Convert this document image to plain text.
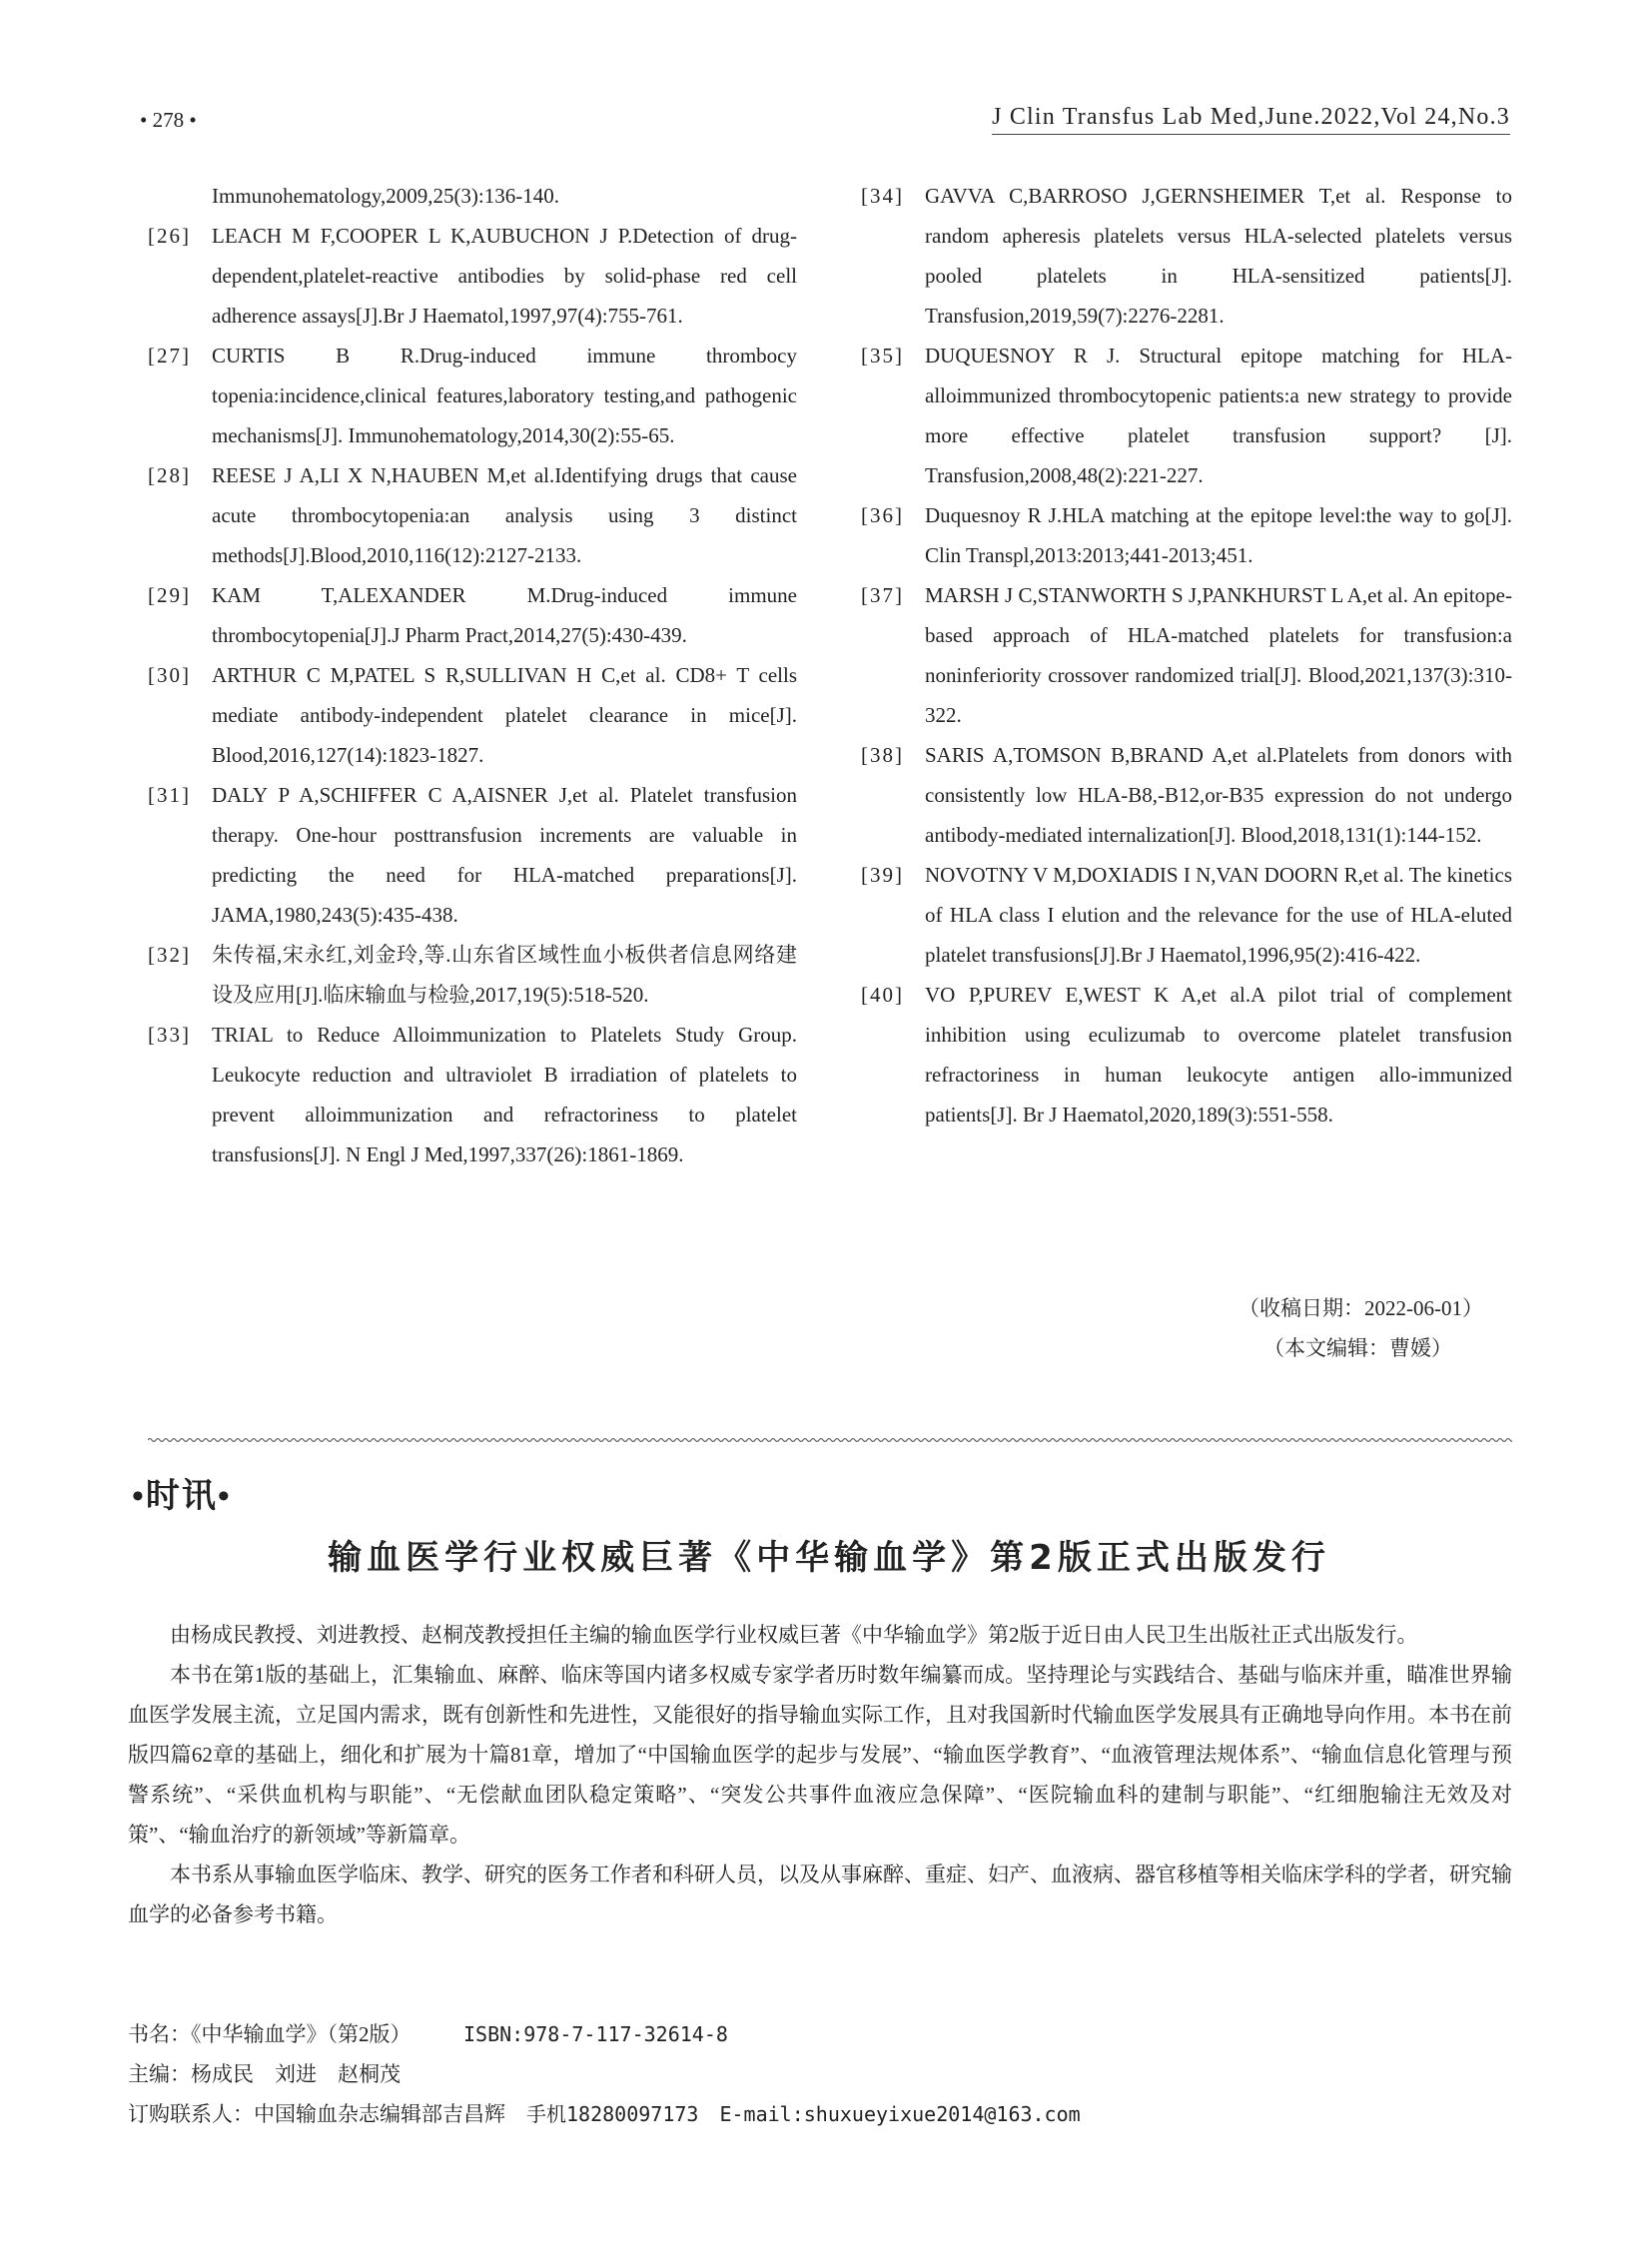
• 278 •	J Clin Transfus Lab Med,June.2022,Vol 24,No.3

Immunohematology,2009,25(3):136-140.

[26] LEACH M F,COOPER L K,AUBUCHON J P.Detection of drug-dependent,platelet-reactive antibodies by solid-phase red cell adherence assays[J].Br J Haematol,1997,97(4):755-761.

[27] CURTIS B R.Drug-induced immune thrombocy topenia:incidence,clinical features,laboratory testing,and pathogenic mechanisms[J]. Immunohematology,2014,30(2):55-65.

[28] REESE J A,LI X N,HAUBEN M,et al.Identifying drugs that cause acute thrombocytopenia:an analysis using 3 distinct methods[J].Blood,2010,116(12):2127-2133.

[29] KAM T,ALEXANDER M.Drug-induced immune thrombocytopenia[J].J Pharm Pract,2014,27(5):430-439.

[30] ARTHUR C M,PATEL S R,SULLIVAN H C,et al. CD8+ T cells mediate antibody-independent platelet clearance in mice[J]. Blood,2016,127(14):1823-1827.

[31] DALY P A,SCHIFFER C A,AISNER J,et al. Platelet transfusion therapy. One-hour posttransfusion increments are valuable in predicting the need for HLA-matched preparations[J]. JAMA,1980,243(5):435-438.

[32] 朱传福,宋永红,刘金玲,等.山东省区域性血小板供者信息网络建设及应用[J].临床输血与检验,2017,19(5):518-520.

[33] TRIAL to Reduce Alloimmunization to Platelets Study Group. Leukocyte reduction and ultraviolet B irradiation of platelets to prevent alloimmunization and refractoriness to platelet transfusions[J]. N Engl J Med,1997,337(26):1861-1869.

[34] GAVVA C,BARROSO J,GERNSHEIMER T,et al. Response to random apheresis platelets versus HLA-selected platelets versus pooled platelets in HLA-sensitized patients[J]. Transfusion,2019,59(7):2276-2281.

[35] DUQUESNOY R J. Structural epitope matching for HLA-alloimmunized thrombocytopenic patients:a new strategy to provide more effective platelet transfusion support? [J]. Transfusion,2008,48(2):221-227.

[36] Duquesnoy R J.HLA matching at the epitope level:the way to go[J]. Clin Transpl,2013:2013;441-2013;451.

[37] MARSH J C,STANWORTH S J,PANKHURST L A,et al. An epitope-based approach of HLA-matched platelets for transfusion:a noninferiority crossover randomized trial[J]. Blood,2021,137(3):310-322.

[38] SARIS A,TOMSON B,BRAND A,et al.Platelets from donors with consistently low HLA-B8,-B12,or-B35 expression do not undergo antibody-mediated internalization[J]. Blood,2018,131(1):144-152.

[39] NOVOTNY V M,DOXIADIS I N,VAN DOORN R,et al. The kinetics of HLA class I elution and the relevance for the use of HLA-eluted platelet transfusions[J].Br J Haematol,1996,95(2):416-422.

[40] VO P,PUREV E,WEST K A,et al.A pilot trial of complement inhibition using eculizumab to overcome platelet transfusion refractoriness in human leukocyte antigen allo-immunized patients[J]. Br J Haematol,2020,189(3):551-558.

（收稿日期：2022-06-01）
（本文编辑：曹媛）
•时讯•
输血医学行业权威巨著《中华输血学》第2版正式出版发行

由杨成民教授、刘进教授、赵桐茂教授担任主编的输血医学行业权威巨著《中华输血学》第2版于近日由人民卫生出版社正式出版发行。

本书在第1版的基础上，汇集输血、麻醉、临床等国内诸多权威专家学者历时数年编纂而成。坚持理论与实践结合、基础与临床并重，瞄准世界输血医学发展主流，立足国内需求，既有创新性和先进性，又能很好的指导输血实际工作，且对我国新时代输血医学发展具有正确地导向作用。本书在前版四篇62章的基础上，细化和扩展为十篇81章，增加了“中国输血医学的起步与发展”、“输血医学教育”、“血液管理法规体系”、“输血信息化管理与预警系统”、“采供血机构与职能”、“无偿献血团队稳定策略”、“突发公共事件血液应急保障”、“医院输血科的建制与职能”、“红细胞输注无效及对策”、“输血治疗的新领域”等新篇章。

本书系从事输血医学临床、教学、研究的医务工作者和科研人员，以及从事麻醉、重症、妇产、血液病、器官移植等相关临床学科的学者，研究输血学的必备参考书籍。

书名：《中华输血学》（第2版）	ISBN:978-7-117-32614-8
主编：杨成民　刘进　赵桐茂
订购联系人：中国输血杂志编辑部吉昌辉 手机18280097173 E-mail:shuxueyixue2014@163.com
